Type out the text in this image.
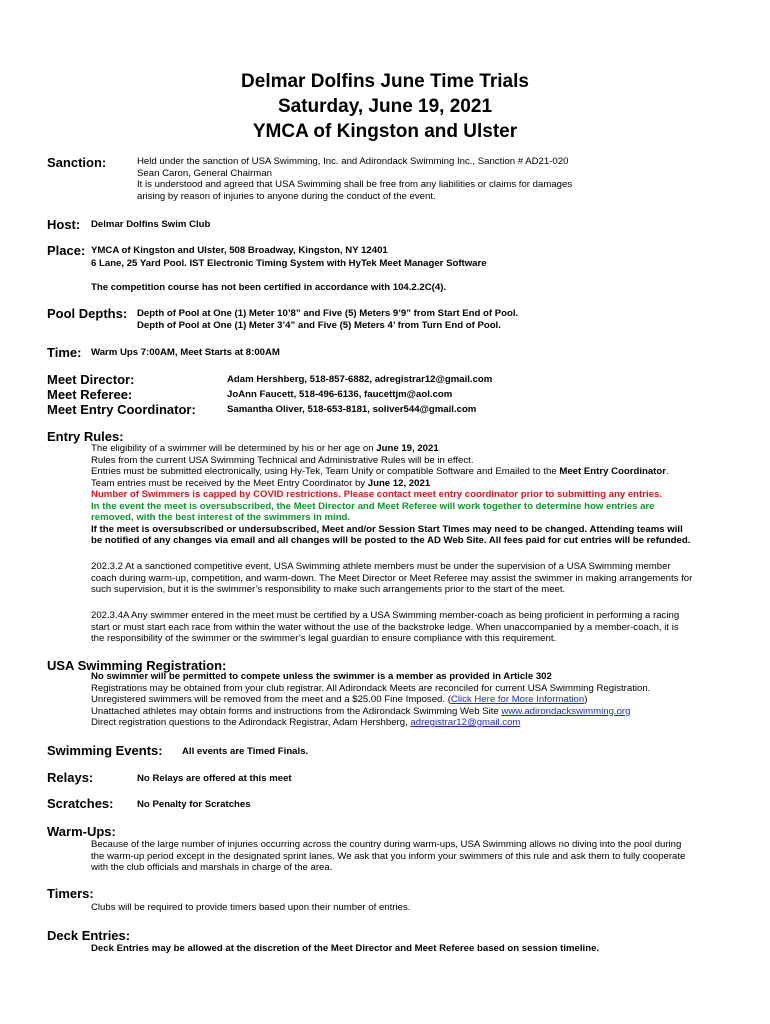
Delmar Dolfins June Time Trials
Saturday, June 19, 2021
YMCA of Kingston and Ulster
Sanction:	Held under the sanction of USA Swimming, Inc. and Adirondack Swimming Inc., Sanction # AD21-020
Sean Caron, General Chairman
It is understood and agreed that USA Swimming shall be free from any liabilities or claims for damages
arising by reason of injuries to anyone during the conduct of the event.
Host: Delmar Dolfins Swim Club
Place: YMCA of Kingston and Ulster, 508 Broadway, Kingston, NY 12401
6 Lane, 25 Yard Pool. IST Electronic Timing System with HyTek Meet Manager Software
The competition course has not been certified in accordance with 104.2.2C(4).
Pool Depths: Depth of Pool at One (1) Meter 10’8” and Five (5) Meters 9’9” from Start End of Pool.
Depth of Pool at One (1) Meter 3’4” and Five (5) Meters 4’ from Turn End of Pool.
Time: Warm Ups 7:00AM, Meet Starts at 8:00AM
Meet Director:	Adam Hershberg, 518-857-6882, adregistrar12@gmail.com
Meet Referee:	JoAnn Faucett, 518-496-6136, faucettjm@aol.com
Meet Entry Coordinator:	Samantha Oliver, 518-653-8181, soliver544@gmail.com
Entry Rules:
The eligibility of a swimmer will be determined by his or her age on June 19, 2021
Rules from the current USA Swimming Technical and Administrative Rules will be in effect.
Entries must be submitted electronically, using Hy-Tek, Team Unify or compatible Software and Emailed to the Meet Entry Coordinator.
Team entries must be received by the Meet Entry Coordinator by June 12, 2021
Number of Swimmers is capped by COVID restrictions. Please contact meet entry coordinator prior to submitting any entries.
In the event the meet is oversubscribed, the Meet Director and Meet Referee will work together to determine how entries are
removed, with the best interest of the swimmers in mind.
If the meet is oversubscribed or undersubscribed, Meet and/or Session Start Times may need to be changed. Attending teams will
be notified of any changes via email and all changes will be posted to the AD Web Site. All fees paid for cut entries will be refunded.
202.3.2 At a sanctioned competitive event, USA Swimming athlete members must be under the supervision of a USA Swimming member
coach during warm-up, competition, and warm-down. The Meet Director or Meet Referee may assist the swimmer in making arrangements for
such supervision, but it is the swimmer’s responsibility to make such arrangements prior to the start of the meet.
202.3.4A Any swimmer entered in the meet must be certified by a USA Swimming member-coach as being proficient in performing a racing
start or must start each race from within the water without the use of the backstroke ledge. When unaccompanied by a member-coach, it is
the responsibility of the swimmer or the swimmer’s legal guardian to ensure compliance with this requirement.
USA Swimming Registration:
No swimmer will be permitted to compete unless the swimmer is a member as provided in Article 302
Registrations may be obtained from your club registrar. All Adirondack Meets are reconciled for current USA Swimming Registration.
Unregistered swimmers will be removed from the meet and a $25.00 Fine Imposed. (Click Here for More Information)
Unattached athletes may obtain forms and instructions from the Adirondack Swimming Web Site www.adirondackswimming.org
Direct registration questions to the Adirondack Registrar, Adam Hershberg, adregistrar12@gmail.com
Swimming Events: All events are Timed Finals.
Relays:	No Relays are offered at this meet
Scratches: No Penalty for Scratches
Warm-Ups:
Because of the large number of injuries occurring across the country during warm-ups, USA Swimming allows no diving into the pool during
the warm-up period except in the designated sprint lanes. We ask that you inform your swimmers of this rule and ask them to fully cooperate
with the club officials and marshals in charge of the area.
Timers:
Clubs will be required to provide timers based upon their number of entries.
Deck Entries:
Deck Entries may be allowed at the discretion of the Meet Director and Meet Referee based on session timeline.
